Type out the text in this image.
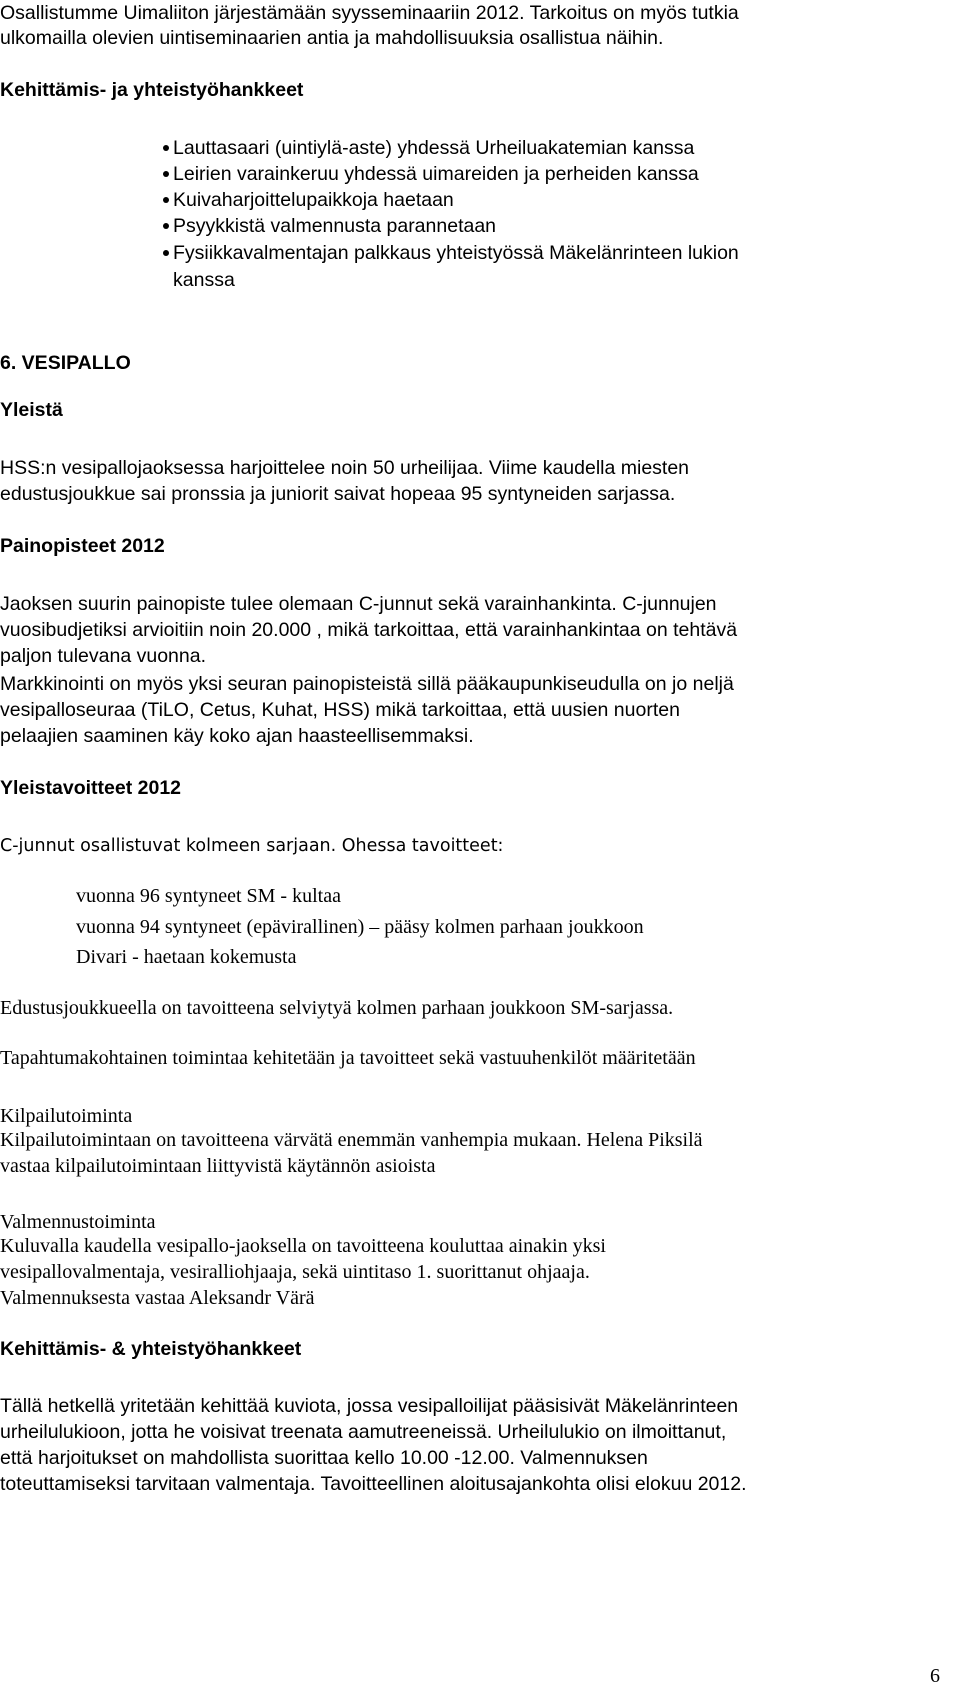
Osallistumme Uimaliiton järjestämään syysseminaariin 2012. Tarkoitus on myös tutkia
ulkomailla olevien uintiseminaarien antia ja mahdollisuuksia osallistua näihin.
Kehittämis- ja yhteistyöhankkeet
Lauttasaari (uintiylä-aste) yhdessä Urheiluakatemian kanssa
Leirien varainkeruu yhdessä uimareiden ja perheiden kanssa
Kuivaharjoittelupaikkoja haetaan
Psyykkistä valmennusta parannetaan
Fysiikkavalmentajan palkkaus yhteistyössä Mäkelänrinteen lukion
kanssa
6. VESIPALLO
Yleistä
HSS:n vesipallojaoksessa harjoittelee noin 50 urheilijaa. Viime kaudella miesten
edustusjoukkue sai pronssia ja juniorit saivat hopeaa 95 syntyneiden sarjassa.
Painopisteet 2012
Jaoksen suurin painopiste tulee olemaan C-junnut sekä varainhankinta. C-junnujen
vuosibudjetiksi arvioitiin noin 20.000 , mikä tarkoittaa, että varainhankintaa on tehtävä
paljon tulevana vuonna.
Markkinointi on myös yksi seuran painopisteistä sillä pääkaupunkiseudulla on jo neljä
vesipalloseuraa (TiLO, Cetus, Kuhat, HSS) mikä tarkoittaa, että uusien nuorten
pelaajien saaminen käy koko ajan haasteellisemmaksi.
Yleistavoitteet 2012
C-junnut osallistuvat kolmeen sarjaan. Ohessa tavoitteet:
vuonna 96 syntyneet SM - kultaa
vuonna 94 syntyneet (epävirallinen) – pääsy kolmen parhaan joukkoon
Divari - haetaan kokemusta
Edustusjoukkueella on tavoitteena selviytyä kolmen parhaan joukkoon SM-sarjassa.
Tapahtumakohtainen toimintaa kehitetään ja tavoitteet sekä vastuuhenkilöt määritetään
Kilpailutoiminta
Kilpailutoimintaan on tavoitteena värvätä enemmän vanhempia mukaan. Helena Piksilä
vastaa kilpailutoimintaan liittyvistä käytännön asioista
Valmennustoiminta
Kuluvalla kaudella vesipallo-jaoksella on tavoitteena kouluttaa ainakin yksi
vesipallovalmentaja, vesiralliohjaaja, sekä uintitaso 1. suorittanut ohjaaja.
Valmennuksesta vastaa Aleksandr Värä
Kehittämis- & yhteistyöhankkeet
Tällä hetkellä yritetään kehittää kuviota, jossa vesipalloilijat pääsisivät Mäkelänrinteen
urheilulukioon, jotta he voisivat treenata aamutreeneissä. Urheilulukio on ilmoittanut,
että harjoitukset on mahdollista suorittaa kello 10.00 -12.00. Valmennuksen
toteuttamiseksi tarvitaan valmentaja. Tavoitteellinen aloitusajankohta olisi elokuu 2012.
6
